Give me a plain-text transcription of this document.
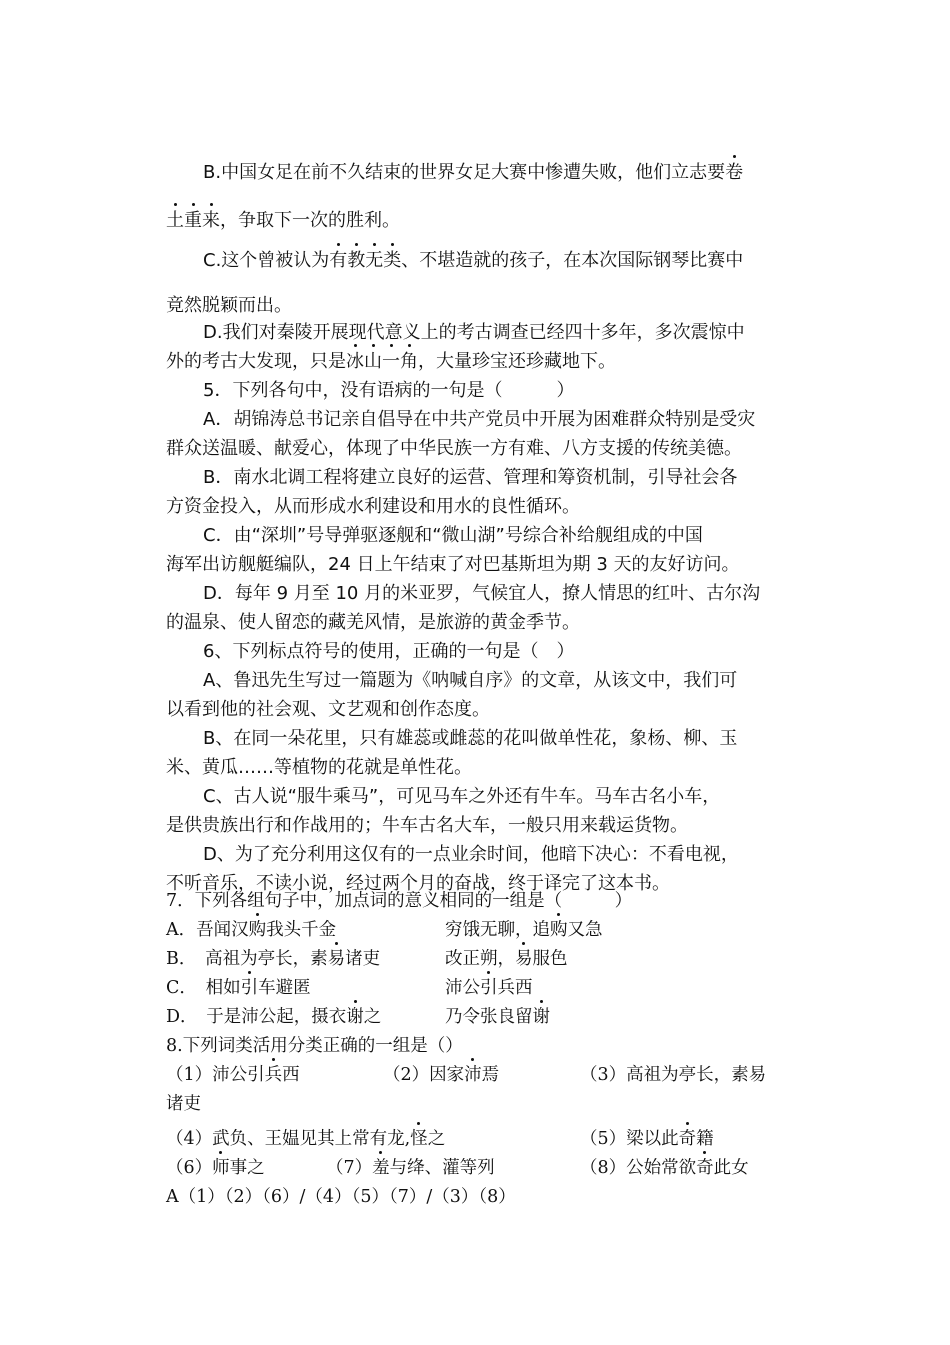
B.中国女足在前不久结束的世界女足大赛中惨遭失败，他们立志要卷
土重来，争取下一次的胜利。
C.这个曾被认为有教无类、不堪造就的孩子，在本次国际钢琴比赛中
竟然脱颖而出。
D.我们对秦陵开展现代意义上的考古调查已经四十多年，多次震惊中
外的考古大发现，只是冰山一角，大量珍宝还珍藏地下。
5．下列各句中，没有语病的一句是（　　　）
A．胡锦涛总书记亲自倡导在中共产党员中开展为困难群众特别是受灾
群众送温暖、献爱心，体现了中华民族一方有难、八方支援的传统美德。
B．南水北调工程将建立良好的运营、管理和筹资机制，引导社会各
方资金投入，从而形成水利建设和用水的良性循环。
C．由“深圳”号导弹驱逐舰和“微山湖”号综合补给舰组成的中国
海军出访舰艇编队，24 日上午结束了对巴基斯坦为期 3 天的友好访问。
D．每年 9 月至 10 月的米亚罗，气候宜人，撩人情思的红叶、古尔沟
的温泉、使人留恋的藏羌风情，是旅游的黄金季节。
6、下列标点符号的使用，正确的一句是（　）
A、鲁迅先生写过一篇题为《呐喊自序》的文章，从该文中，我们可
以看到他的社会观、文艺观和创作态度。
B、在同一朵花里，只有雄蕊或雌蕊的花叫做单性花，象杨、柳、玉
米、黄瓜……等植物的花就是单性花。
C、古人说“服牛乘马”，可见马车之外还有牛车。马车古名小车，
是供贵族出行和作战用的；牛车古名大车，一般只用来载运货物。
D、为了充分利用这仅有的一点业余时间，他暗下决心：不看电视，
不听音乐，不读小说，经过两个月的奋战，终于译完了这本书。
7．下列各组句子中，加点词的意义相同的一组是（　　　）
A．吾闻汉购我头千金	穷饿无聊，追购又急
B．　高祖为亭长，素易诸吏	改正朔，易服色
C．　相如引车避匿	沛公引兵西
D．　于是沛公起，摄衣谢之	乃令张良留谢
8.下列词类活用分类正确的一组是（）
（1）沛公引兵西	（2）因家沛焉	（3）高祖为亭长，素易
诸吏
（4）武负、王媪见其上常有龙,怪之	（5）梁以此奇籍
（6）师事之	（7）羞与绛、灌等列	（8）公始常欲奇此女
A（1）（2）（6）/（4）（5）（7）/（3）（8）
